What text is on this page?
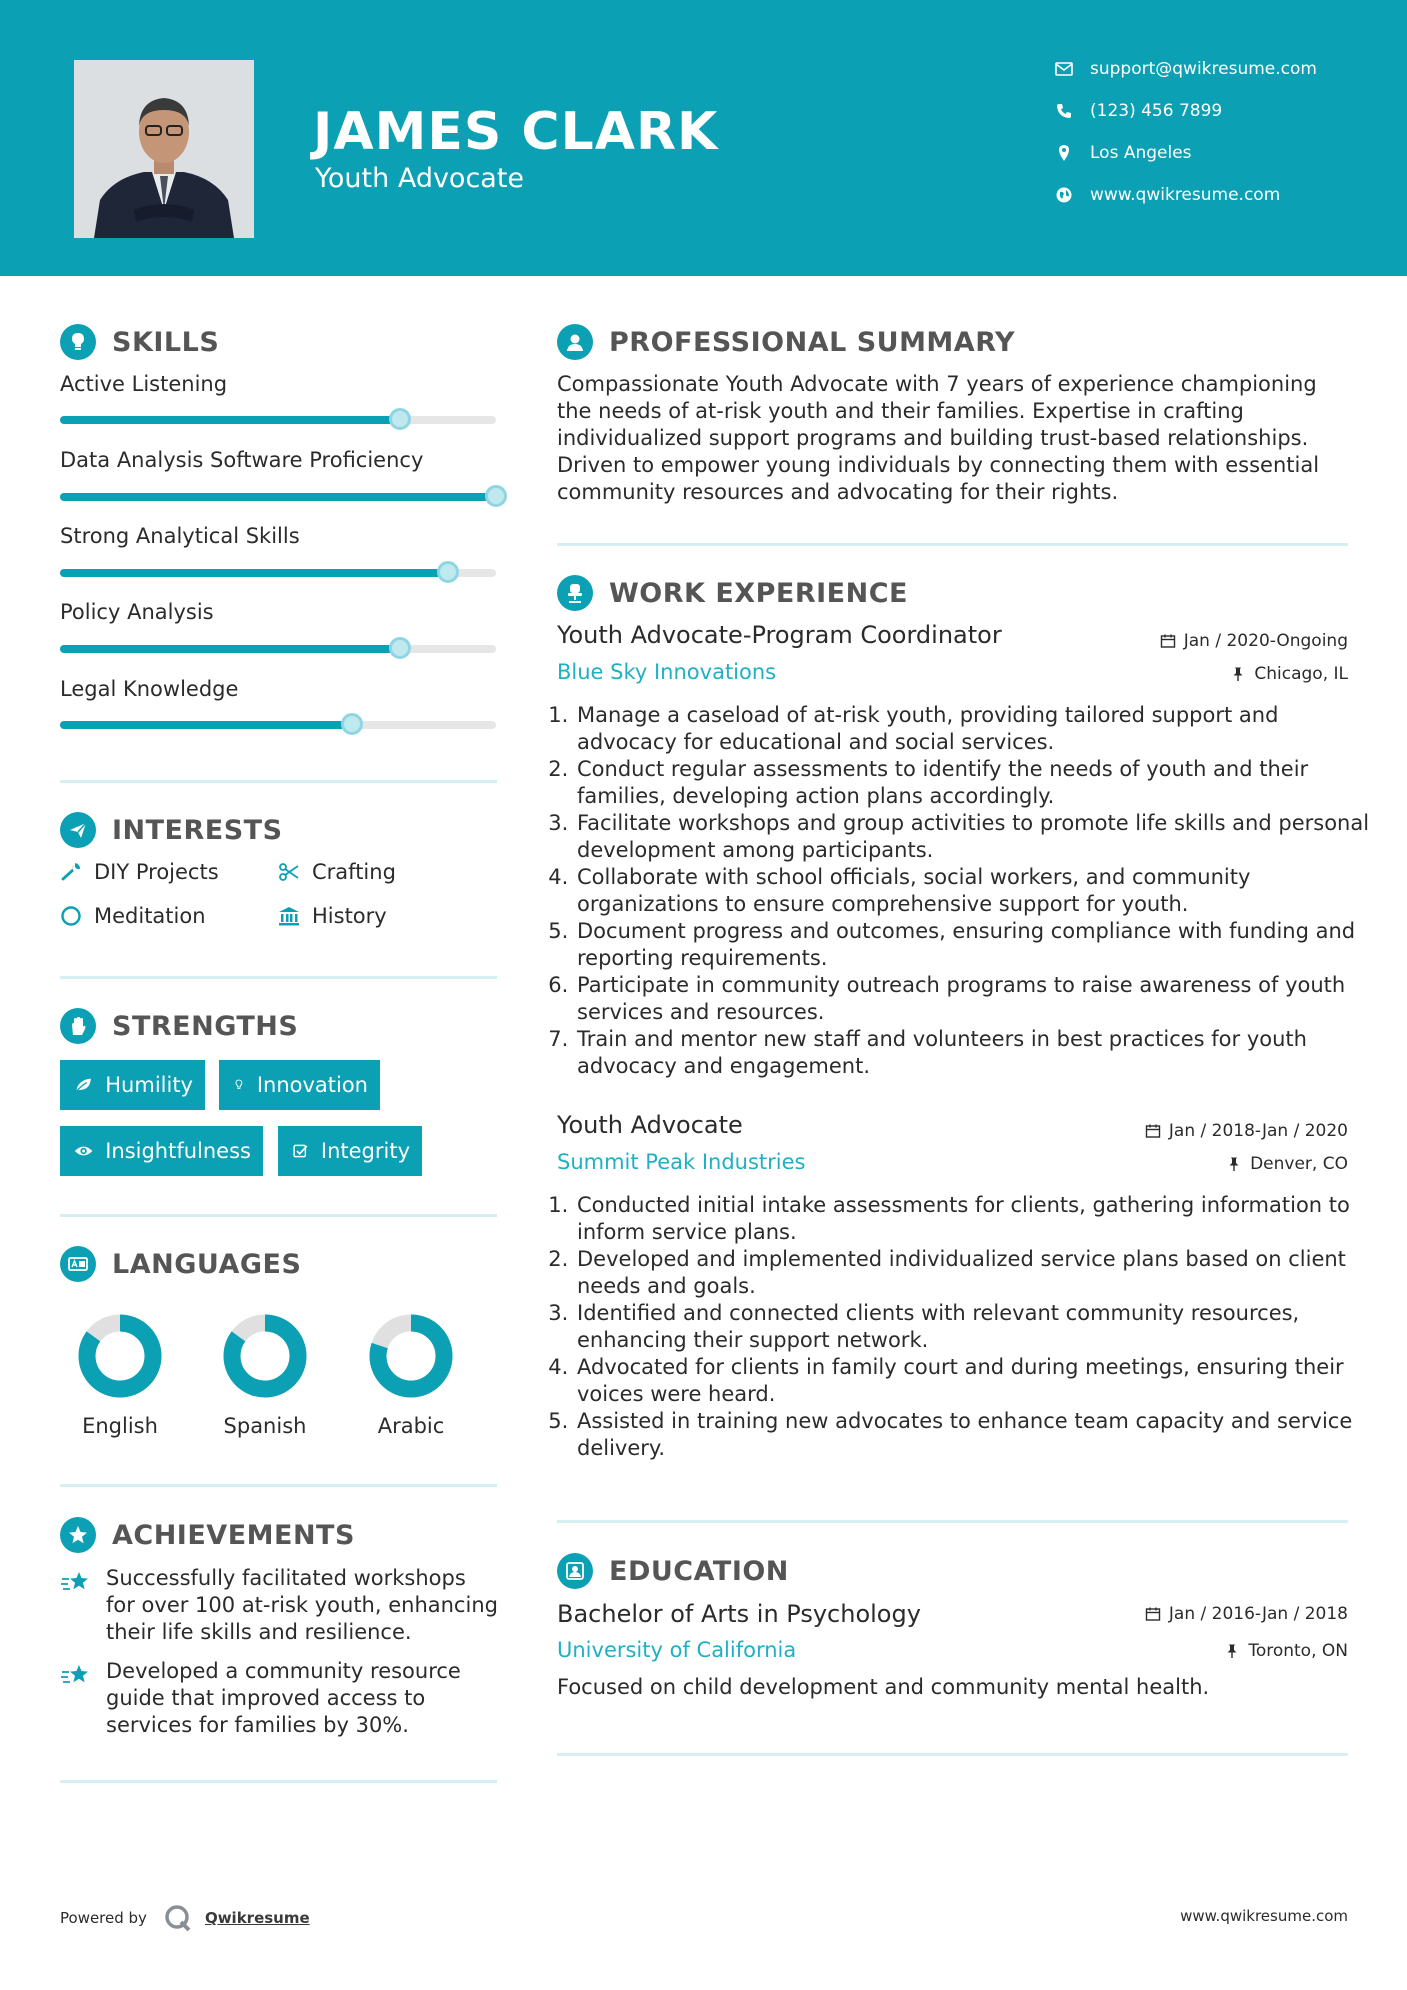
JAMES CLARK
Youth Advocate
support@qwikresume.com
(123) 456 7899
Los Angeles
www.qwikresume.com
SKILLS
Active Listening
Data Analysis Software Proficiency
Strong Analytical Skills
Policy Analysis
Legal Knowledge
INTERESTS
DIY Projects	Crafting
Meditation	History
STRENGTHS
Humility	Innovation
Insightfulness	Integrity
LANGUAGES
English	Spanish	Arabic
ACHIEVEMENTS
Successfully facilitated workshops for over 100 at-risk youth, enhancing their life skills and resilience.
Developed a community resource guide that improved access to services for families by 30%.
PROFESSIONAL SUMMARY
Compassionate Youth Advocate with 7 years of experience championing the needs of at-risk youth and their families. Expertise in crafting individualized support programs and building trust-based relationships. Driven to empower young individuals by connecting them with essential community resources and advocating for their rights.
WORK EXPERIENCE
Youth Advocate-Program Coordinator	Jan / 2020-Ongoing
Blue Sky Innovations	Chicago, IL
1. Manage a caseload of at-risk youth, providing tailored support and advocacy for educational and social services.
2. Conduct regular assessments to identify the needs of youth and their families, developing action plans accordingly.
3. Facilitate workshops and group activities to promote life skills and personal development among participants.
4. Collaborate with school officials, social workers, and community organizations to ensure comprehensive support for youth.
5. Document progress and outcomes, ensuring compliance with funding and reporting requirements.
6. Participate in community outreach programs to raise awareness of youth services and resources.
7. Train and mentor new staff and volunteers in best practices for youth advocacy and engagement.
Youth Advocate	Jan / 2018-Jan / 2020
Summit Peak Industries	Denver, CO
1. Conducted initial intake assessments for clients, gathering information to inform service plans.
2. Developed and implemented individualized service plans based on client needs and goals.
3. Identified and connected clients with relevant community resources, enhancing their support network.
4. Advocated for clients in family court and during meetings, ensuring their voices were heard.
5. Assisted in training new advocates to enhance team capacity and service delivery.
EDUCATION
Bachelor of Arts in Psychology	Jan / 2016-Jan / 2018
University of California	Toronto, ON
Focused on child development and community mental health.
Powered by	Qwikresume	www.qwikresume.com
